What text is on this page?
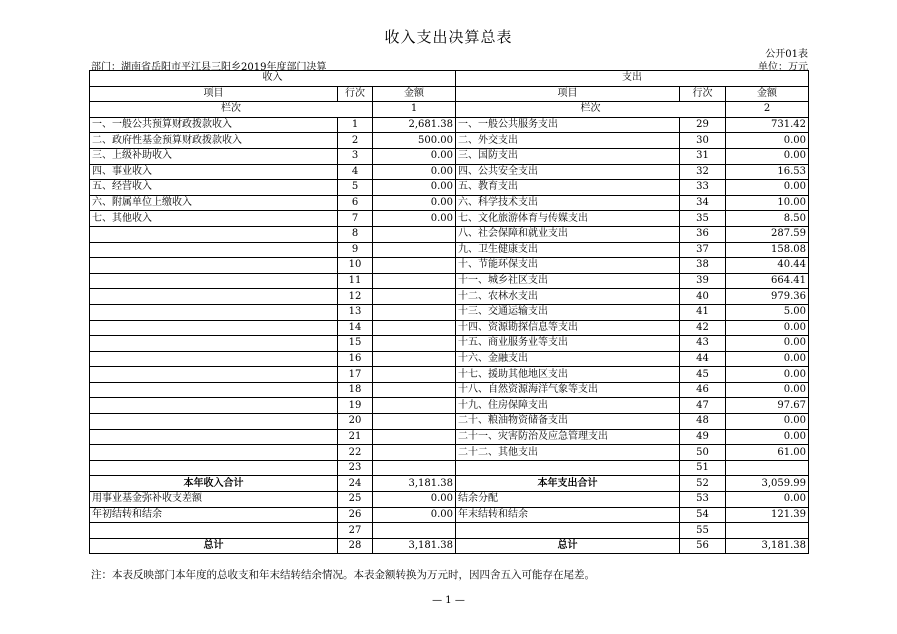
收入支出决算总表
公开01表
部门：湖南省岳阳市平江县三阳乡2019年度部门决算	单位：万元
收入			支出		
项目	行次	金额	项目	行次	金额
栏次		1	栏次		2
一、一般公共预算财政拨款收入	1	2,681.38	一、一般公共服务支出	29	731.42
二、政府性基金预算财政拨款收入	2	500.00	二、外交支出	30	0.00
三、上级补助收入	3	0.00	三、国防支出	31	0.00
四、事业收入	4	0.00	四、公共安全支出	32	16.53
五、经营收入	5	0.00	五、教育支出	33	0.00
六、附属单位上缴收入	6	0.00	六、科学技术支出	34	10.00
七、其他收入	7	0.00	七、文化旅游体育与传媒支出	35	8.50
	8		八、社会保障和就业支出	36	287.59
	9		九、卫生健康支出	37	158.08
	10		十、节能环保支出	38	40.44
	11		十一、城乡社区支出	39	664.41
	12		十二、农林水支出	40	979.36
	13		十三、交通运输支出	41	5.00
	14		十四、资源勘探信息等支出	42	0.00
	15		十五、商业服务业等支出	43	0.00
	16		十六、金融支出	44	0.00
	17		十七、援助其他地区支出	45	0.00
	18		十八、自然资源海洋气象等支出	46	0.00
	19		十九、住房保障支出	47	97.67
	20		二十、粮油物资储备支出	48	0.00
	21		二十一、灾害防治及应急管理支出	49	0.00
	22		二十二、其他支出	50	61.00
	23			51	
本年收入合计	24	3,181.38	本年支出合计	52	3,059.99
用事业基金弥补收支差额	25	0.00	结余分配	53	0.00
年初结转和结余	26	0.00	年末结转和结余	54	121.39
	27			55	
总计	28	3,181.38	总计	56	3,181.38
注：本表反映部门本年度的总收支和年末结转结余情况。本表金额转换为万元时，因四舍五入可能存在尾差。
— 1 —
